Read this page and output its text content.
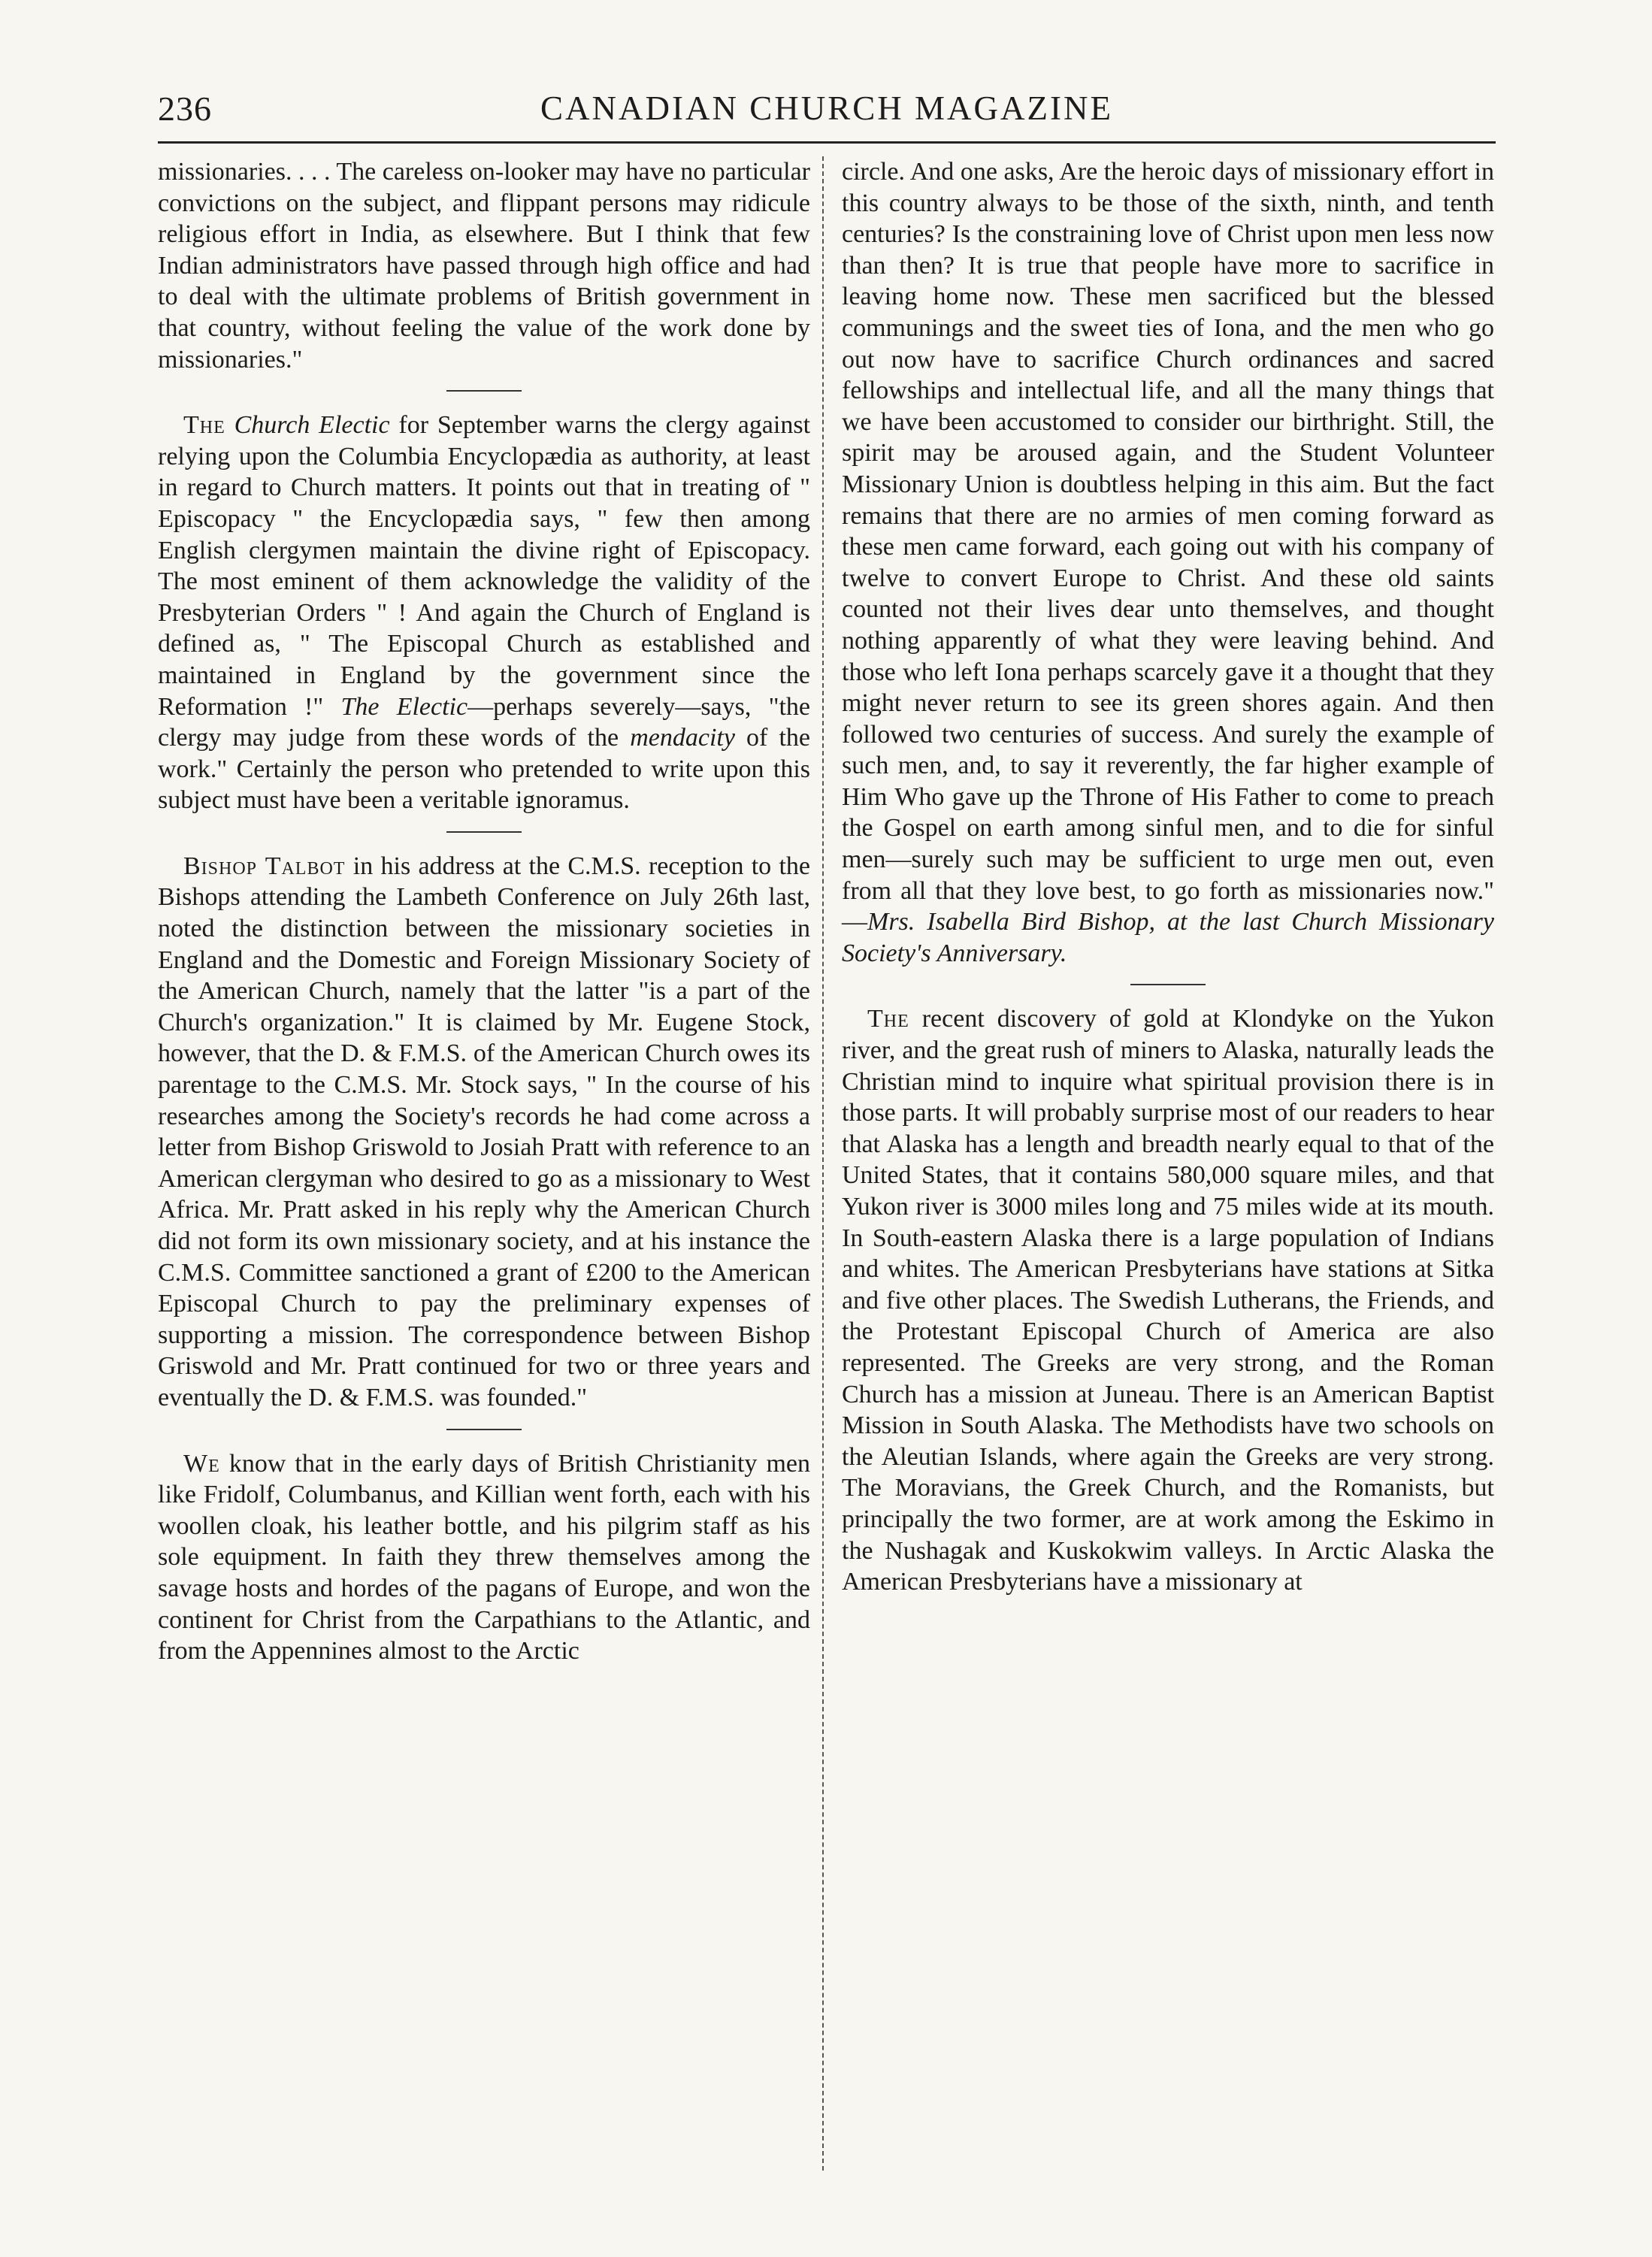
236	CANADIAN CHURCH MAGAZINE

missionaries. . . . The careless on-looker may have no particular convictions on the subject, and flippant persons may ridicule religious effort in India, as elsewhere. But I think that few Indian administrators have passed through high office and had to deal with the ultimate problems of British government in that country, without feeling the value of the work done by missionaries."

The Church Electic for September warns the clergy against relying upon the Columbia Encyclopædia as authority, at least in regard to Church matters. It points out that in treating of " Episcopacy " the Encyclopædia says, " few then among English clergymen maintain the divine right of Episcopacy. The most eminent of them acknowledge the validity of the Presbyterian Orders " ! And again the Church of England is defined as, " The Episcopal Church as established and maintained in England by the government since the Reformation !" The Electic—perhaps severely—says, "the clergy may judge from these words of the mendacity of the work." Certainly the person who pretended to write upon this subject must have been a veritable ignoramus.

Bishop Talbot in his address at the C.M.S. reception to the Bishops attending the Lambeth Conference on July 26th last, noted the distinction between the missionary societies in England and the Domestic and Foreign Missionary Society of the American Church, namely that the latter "is a part of the Church's organization." It is claimed by Mr. Eugene Stock, however, that the D. & F.M.S. of the American Church owes its parentage to the C.M.S. Mr. Stock says, " In the course of his researches among the Society's records he had come across a letter from Bishop Griswold to Josiah Pratt with reference to an American clergyman who desired to go as a missionary to West Africa. Mr. Pratt asked in his reply why the American Church did not form its own missionary society, and at his instance the C.M.S. Committee sanctioned a grant of £200 to the American Episcopal Church to pay the preliminary expenses of supporting a mission. The correspondence between Bishop Griswold and Mr. Pratt continued for two or three years and eventually the D. & F.M.S. was founded."

We know that in the early days of British Christianity men like Fridolf, Columbanus, and Killian went forth, each with his woollen cloak, his leather bottle, and his pilgrim staff as his sole equipment. In faith they threw themselves among the savage hosts and hordes of the pagans of Europe, and won the continent for Christ from the Carpathians to the Atlantic, and from the Appennines almost to the Arctic

circle. And one asks, Are the heroic days of missionary effort in this country always to be those of the sixth, ninth, and tenth centuries? Is the constraining love of Christ upon men less now than then? It is true that people have more to sacrifice in leaving home now. These men sacrificed but the blessed communings and the sweet ties of Iona, and the men who go out now have to sacrifice Church ordinances and sacred fellowships and intellectual life, and all the many things that we have been accustomed to consider our birthright. Still, the spirit may be aroused again, and the Student Volunteer Missionary Union is doubtless helping in this aim. But the fact remains that there are no armies of men coming forward as these men came forward, each going out with his company of twelve to convert Europe to Christ. And these old saints counted not their lives dear unto themselves, and thought nothing apparently of what they were leaving behind. And those who left Iona perhaps scarcely gave it a thought that they might never return to see its green shores again. And then followed two centuries of success. And surely the example of such men, and, to say it reverently, the far higher example of Him Who gave up the Throne of His Father to come to preach the Gospel on earth among sinful men, and to die for sinful men—surely such may be sufficient to urge men out, even from all that they love best, to go forth as missionaries now." —Mrs. Isabella Bird Bishop, at the last Church Missionary Society's Anniversary.

The recent discovery of gold at Klondyke on the Yukon river, and the great rush of miners to Alaska, naturally leads the Christian mind to inquire what spiritual provision there is in those parts. It will probably surprise most of our readers to hear that Alaska has a length and breadth nearly equal to that of the United States, that it contains 580,000 square miles, and that Yukon river is 3000 miles long and 75 miles wide at its mouth. In South-eastern Alaska there is a large population of Indians and whites. The American Presbyterians have stations at Sitka and five other places. The Swedish Lutherans, the Friends, and the Protestant Episcopal Church of America are also represented. The Greeks are very strong, and the Roman Church has a mission at Juneau. There is an American Baptist Mission in South Alaska. The Methodists have two schools on the Aleutian Islands, where again the Greeks are very strong. The Moravians, the Greek Church, and the Romanists, but principally the two former, are at work among the Eskimo in the Nushagak and Kuskokwim valleys. In Arctic Alaska the American Presbyterians have a missionary at
